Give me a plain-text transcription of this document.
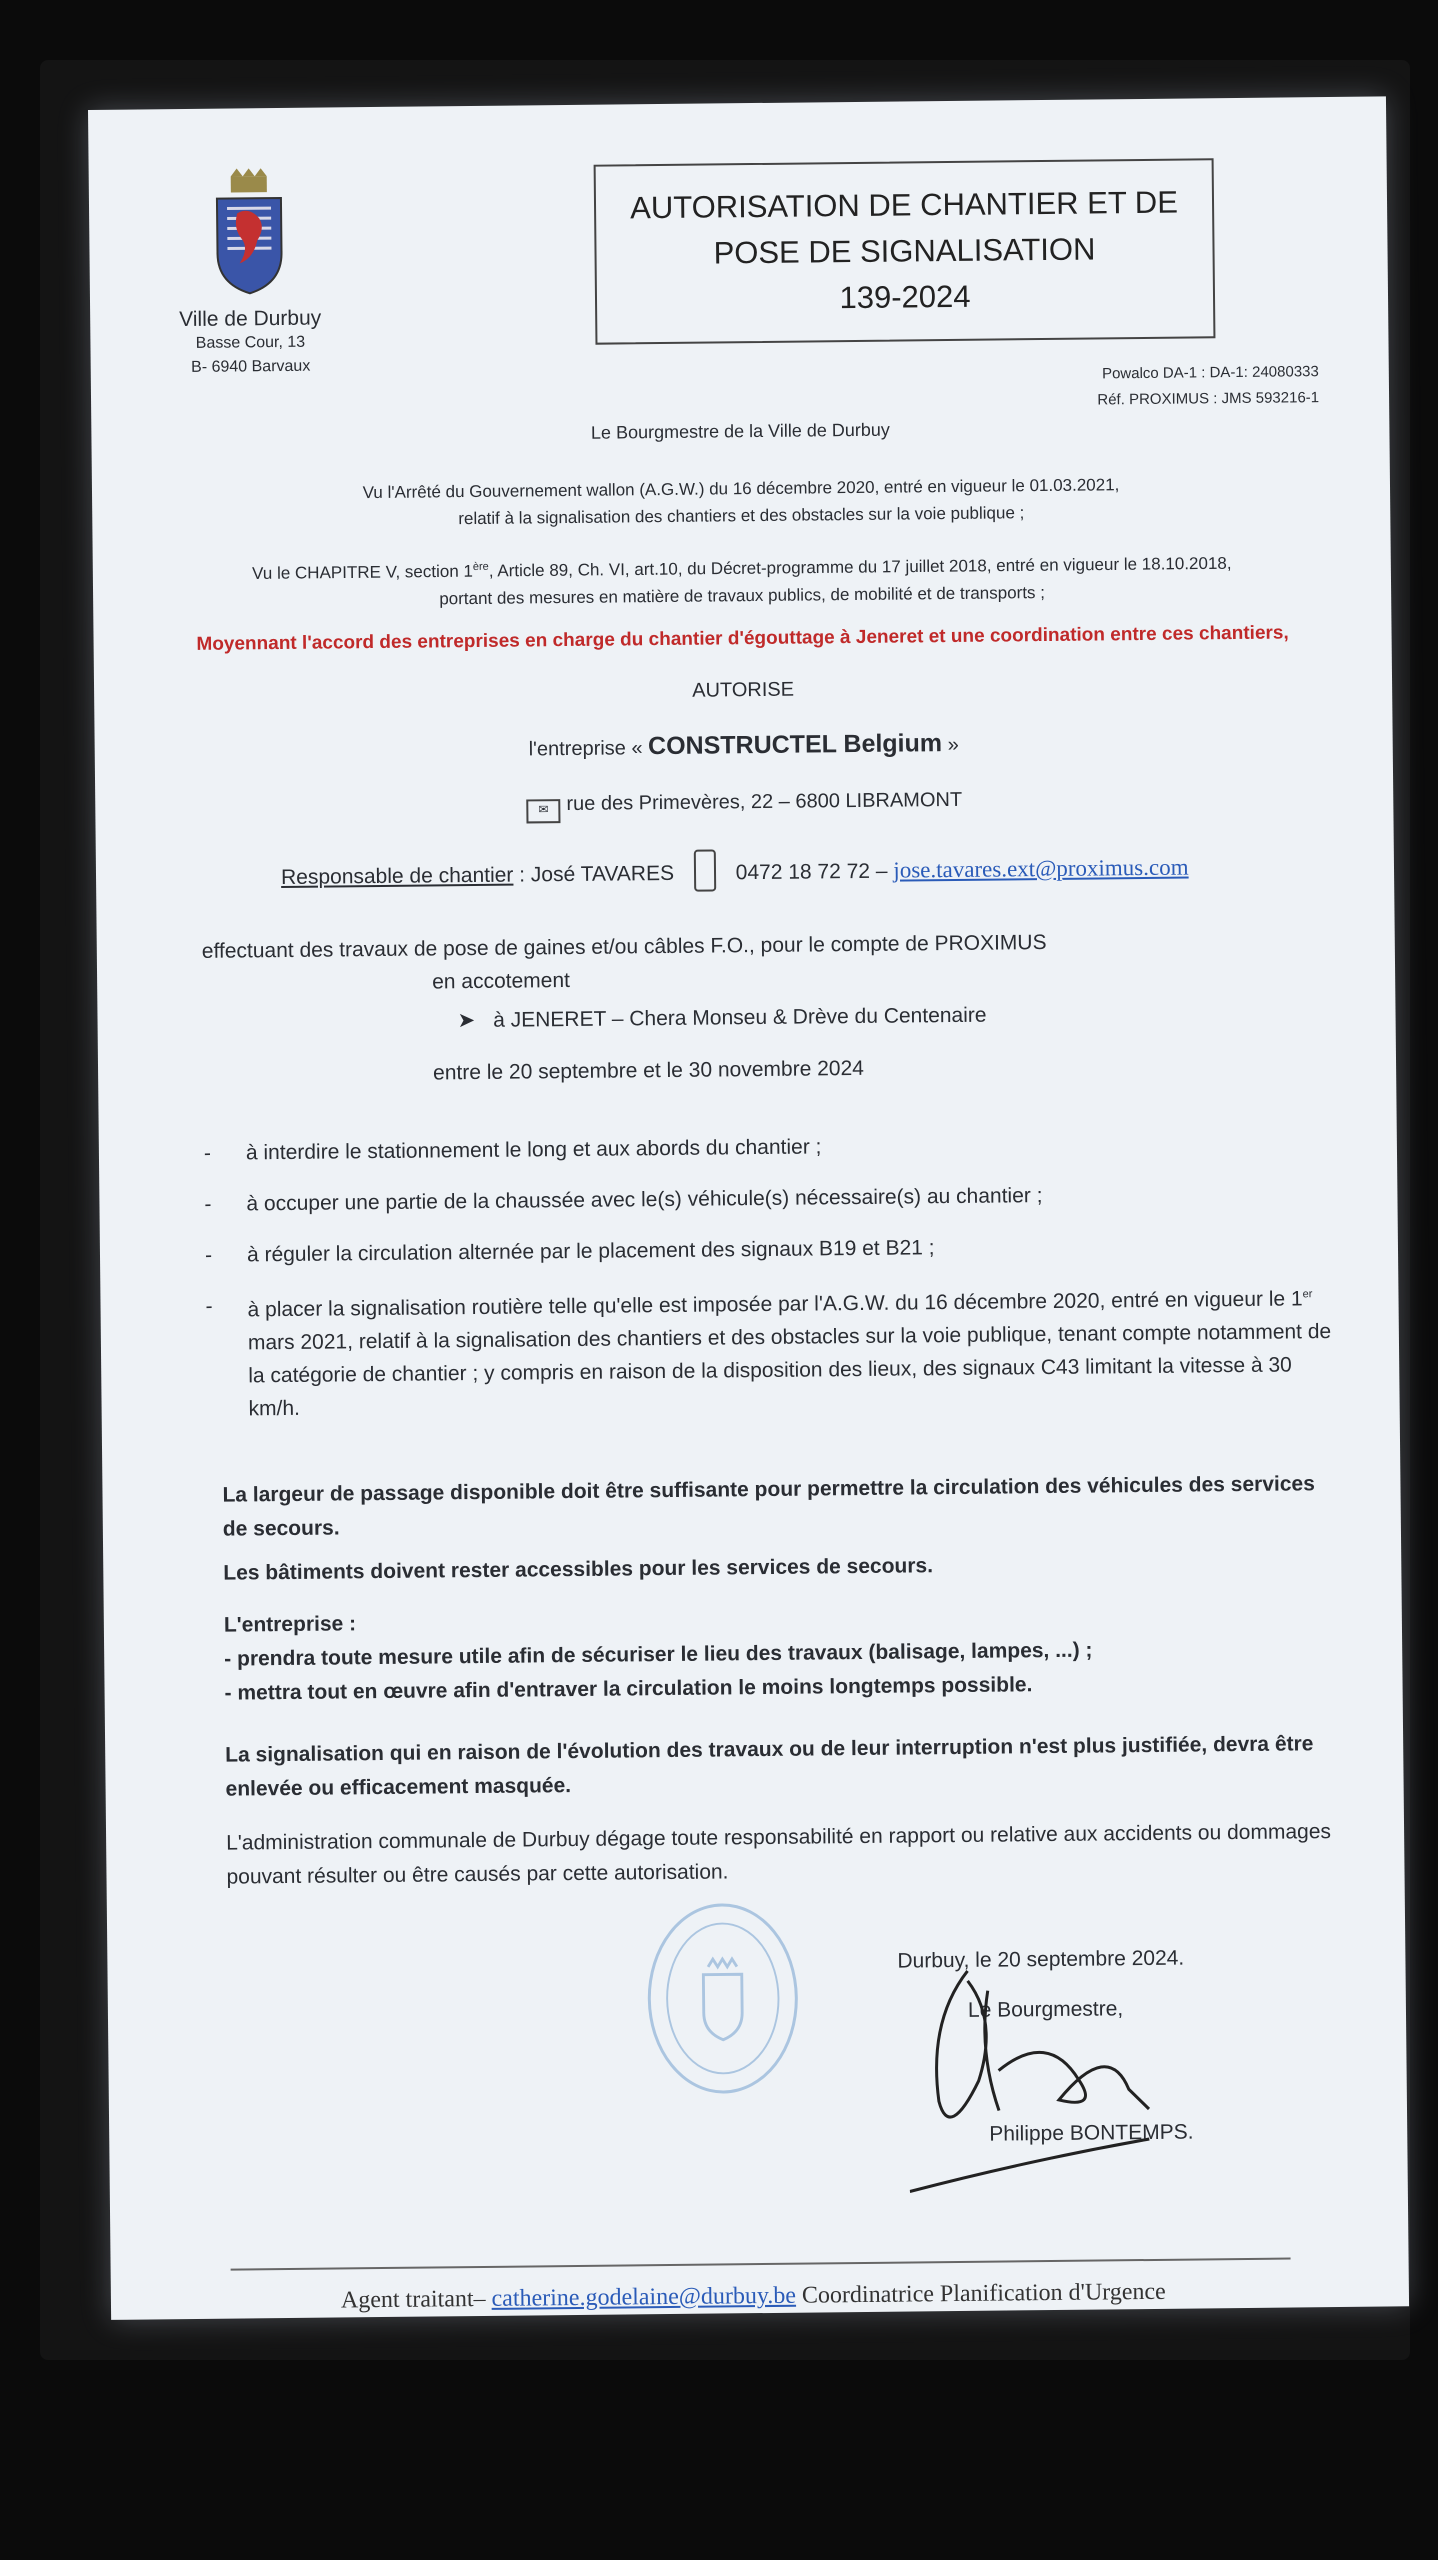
Ville de Durbuy
Basse Cour, 13
B- 6940 Barvaux
AUTORISATION DE CHANTIER ET DE
POSE DE SIGNALISATION
139-2024
Powalco DA-1 : DA-1: 24080333
Réf. PROXIMUS : JMS 593216-1
Le Bourgmestre de la Ville de Durbuy
Vu l'Arrêté du Gouvernement wallon (A.G.W.) du 16 décembre 2020, entré en vigueur le 01.03.2021,
relatif à la signalisation des chantiers et des obstacles sur la voie publique ;
Vu le CHAPITRE V, section 1ère, Article 89, Ch. VI, art.10, du Décret-programme du 17 juillet 2018, entré en vigueur le 18.10.2018,
portant des mesures en matière de travaux publics, de mobilité et de transports ;
Moyennant l'accord des entreprises en charge du chantier d'égouttage à Jeneret et une coordination entre ces chantiers,
AUTORISE
l'entreprise « CONSTRUCTEL Belgium »
✉ rue des Primevères, 22 – 6800 LIBRAMONT
Responsable de chantier : José TAVARES	0472 18 72 72 – jose.tavares.ext@proximus.com
effectuant des travaux de pose de gaines et/ou câbles F.O., pour le compte de PROXIMUS
en accotement
➤ à JENERET – Chera Monseu & Drève du Centenaire
entre le 20 septembre et le 30 novembre 2024
- à interdire le stationnement le long et aux abords du chantier ;
- à occuper une partie de la chaussée avec le(s) véhicule(s) nécessaire(s) au chantier ;
- à réguler la circulation alternée par le placement des signaux B19 et B21 ;
- à placer la signalisation routière telle qu'elle est imposée par l'A.G.W. du 16 décembre 2020, entré en vigueur le 1er mars 2021, relatif à la signalisation des chantiers et des obstacles sur la voie publique, tenant compte notamment de la catégorie de chantier ; y compris en raison de la disposition des lieux, des signaux C43 limitant la vitesse à 30 km/h.
La largeur de passage disponible doit être suffisante pour permettre la circulation des véhicules des services de secours.
Les bâtiments doivent rester accessibles pour les services de secours.
L'entreprise :
- prendra toute mesure utile afin de sécuriser le lieu des travaux (balisage, lampes, ...) ;
- mettra tout en œuvre afin d'entraver la circulation le moins longtemps possible.
La signalisation qui en raison de l'évolution des travaux ou de leur interruption n'est plus justifiée, devra être enlevée ou efficacement masquée.
L'administration communale de Durbuy dégage toute responsabilité en rapport ou relative aux accidents ou dommages pouvant résulter ou être causés par cette autorisation.
Durbuy, le 20 septembre 2024.
Le Bourgmestre,
Philippe BONTEMPS.
Agent traitant– catherine.godelaine@durbuy.be Coordinatrice Planification d'Urgence
